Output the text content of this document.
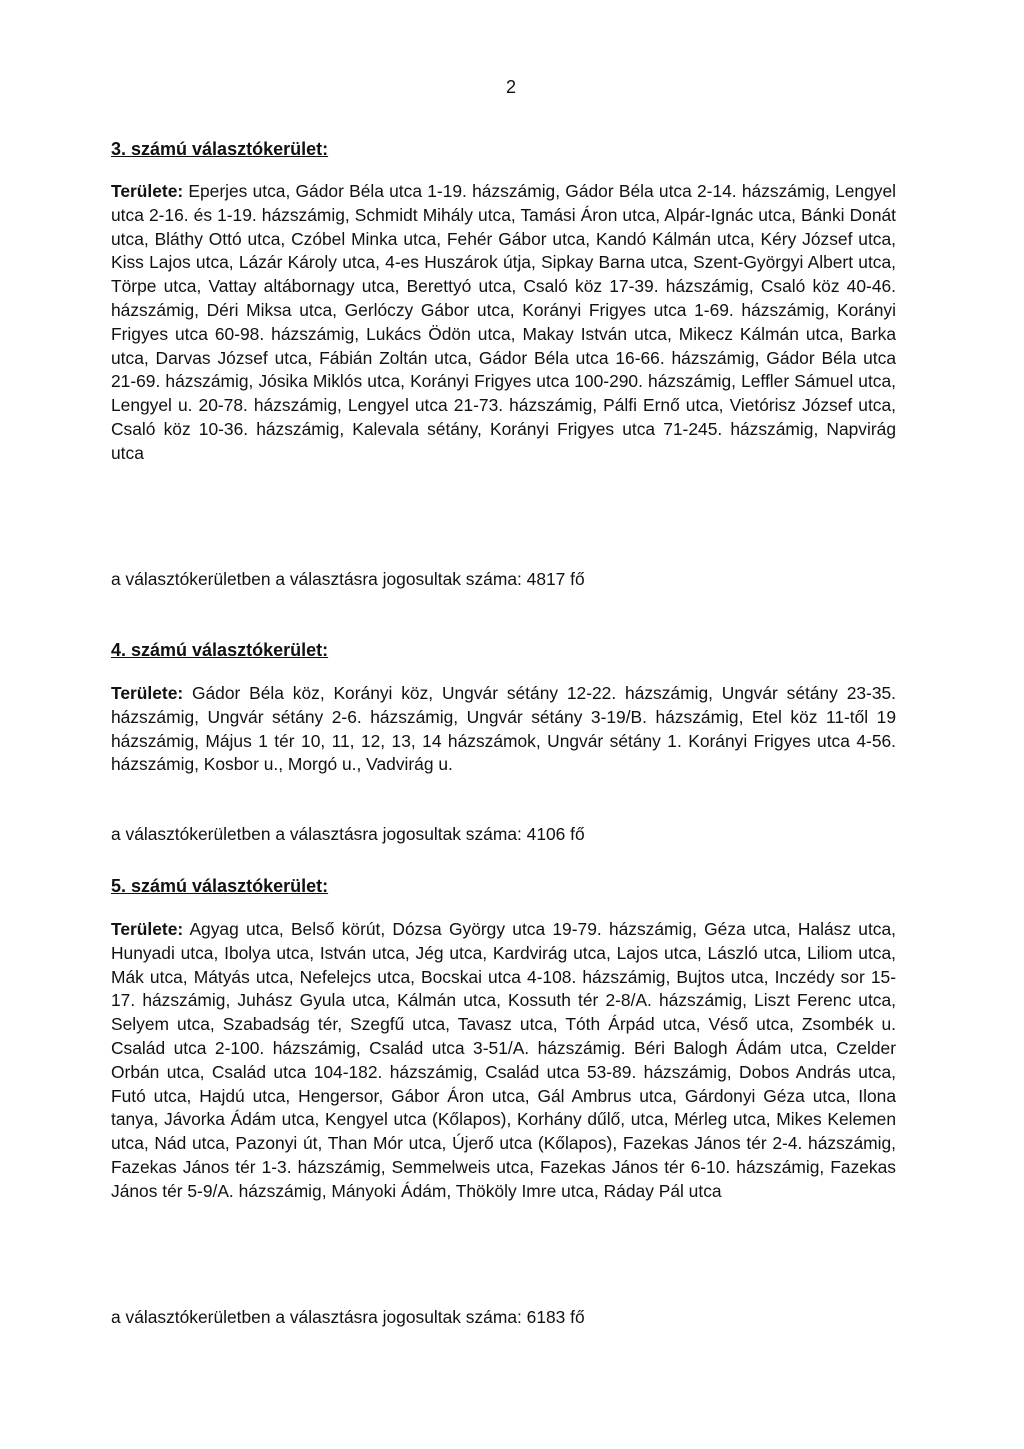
2

3. számú választókerület:

Területe: Eperjes utca, Gádor Béla utca 1-19. házszámig, Gádor Béla utca 2-14. házszámig, Lengyel utca 2-16. és 1-19. házszámig, Schmidt Mihály utca, Tamási Áron utca, Alpár-Ignác utca, Bánki Donát utca, Bláthy Ottó utca, Czóbel Minka utca, Fehér Gábor utca, Kandó Kálmán utca, Kéry József utca, Kiss Lajos utca, Lázár Károly utca, 4-es Huszárok útja, Sipkay Barna utca, Szent-Györgyi Albert utca, Törpe utca, Vattay altábornagy utca, Berettyó utca, Csaló köz 17-39. házszámig, Csaló köz 40-46. házszámig, Déri Miksa utca, Gerlóczy Gábor utca, Korányi Frigyes utca 1-69. házszámig, Korányi Frigyes utca 60-98. házszámig, Lukács Ödön utca, Makay István utca, Mikecz Kálmán utca, Barka utca, Darvas József utca, Fábián Zoltán utca, Gádor Béla utca 16-66. házszámig, Gádor Béla utca 21-69. házszámig, Jósika Miklós utca, Korányi Frigyes utca 100-290. házszámig, Leffler Sámuel utca, Lengyel u. 20-78. házszámig, Lengyel utca 21-73. házszámig, Pálfi Ernő utca, Vietórisz József utca, Csaló köz 10-36. házszámig, Kalevala sétány, Korányi Frigyes utca 71-245. házszámig, Napvirág utca

a választókerületben a választásra jogosultak száma: 4817 fő

4. számú választókerület:

Területe: Gádor Béla köz, Korányi köz, Ungvár sétány 12-22. házszámig, Ungvár sétány 23-35. házszámig, Ungvár sétány 2-6. házszámig, Ungvár sétány 3-19/B. házszámig, Etel köz 11-től 19 házszámig, Május 1 tér 10, 11, 12, 13, 14 házszámok, Ungvár sétány 1. Korányi Frigyes utca 4-56. házszámig, Kosbor u., Morgó u., Vadvirág u.

a választókerületben a választásra jogosultak száma: 4106 fő

5. számú választókerület:

Területe: Agyag utca, Belső körút, Dózsa György utca 19-79. házszámig, Géza utca, Halász utca, Hunyadi utca, Ibolya utca, István utca, Jég utca, Kardvirág utca, Lajos utca, László utca, Liliom utca, Mák utca, Mátyás utca, Nefelejcs utca, Bocskai utca 4-108. házszámig, Bujtos utca, Inczédy sor 15-17. házszámig, Juhász Gyula utca, Kálmán utca, Kossuth tér 2-8/A. házszámig, Liszt Ferenc utca, Selyem utca, Szabadság tér, Szegfű utca, Tavasz utca, Tóth Árpád utca, Véső utca, Zsombék u. Család utca 2-100. házszámig, Család utca 3-51/A. házszámig. Béri Balogh Ádám utca, Czelder Orbán utca, Család utca 104-182. házszámig, Család utca 53-89. házszámig, Dobos András utca, Futó utca, Hajdú utca, Hengersor, Gábor Áron utca, Gál Ambrus utca, Gárdonyi Géza utca, Ilona tanya, Jávorka Ádám utca, Kengyel utca (Kőlapos), Korhány dűlő, utca, Mérleg utca, Mikes Kelemen utca, Nád utca, Pazonyi út, Than Mór utca, Újerő utca (Kőlapos), Fazekas János tér 2-4. házszámig, Fazekas János tér 1-3. házszámig, Semmelweis utca, Fazekas János tér 6-10. házszámig, Fazekas János tér 5-9/A. házszámig, Mányoki Ádám, Thököly Imre utca, Ráday Pál utca

a választókerületben a választásra jogosultak száma: 6183 fő
